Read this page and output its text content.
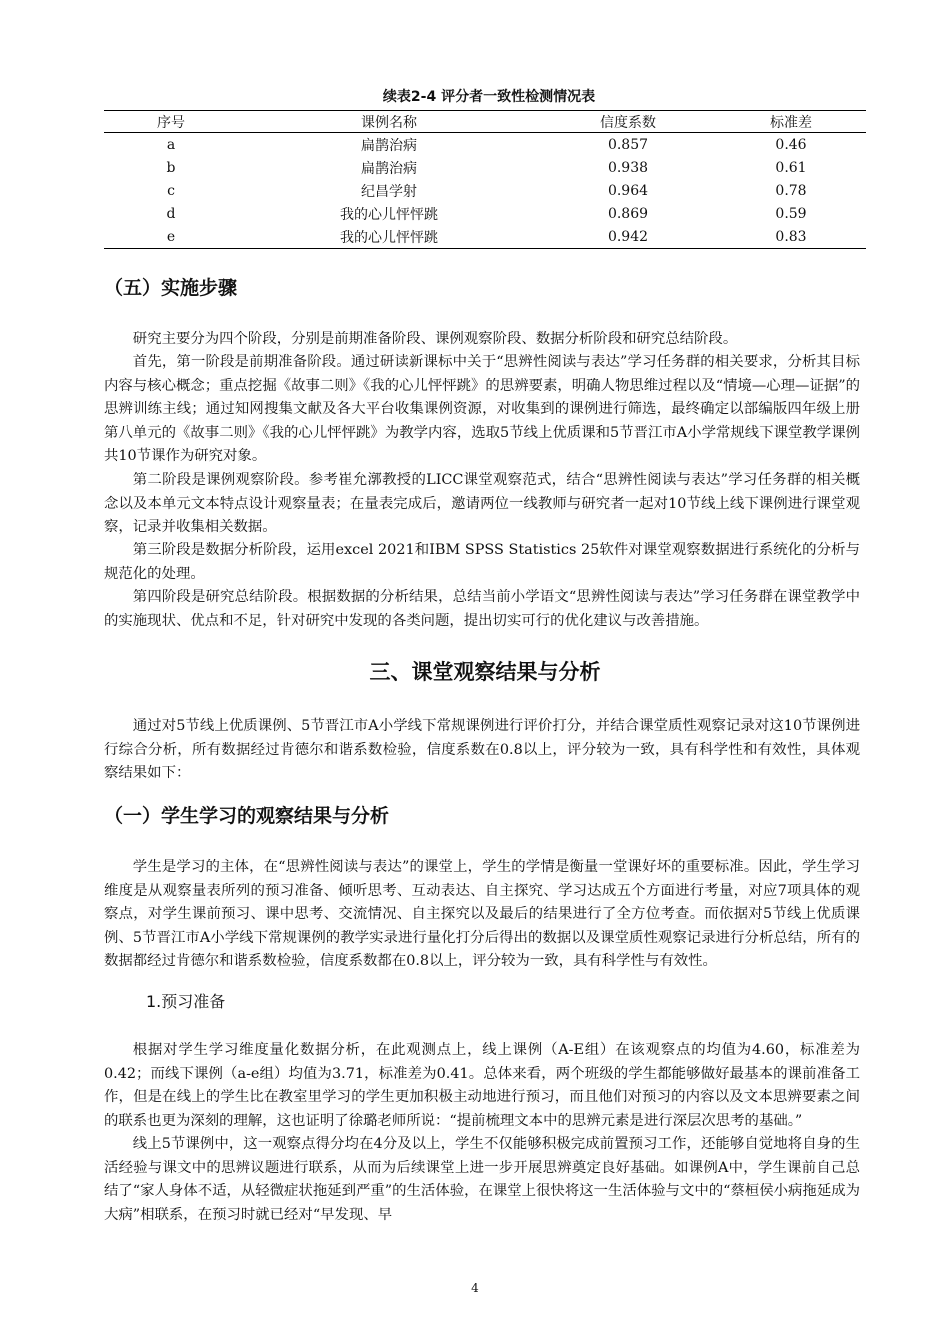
续表2-4 评分者一致性检测情况表
序号	课例名称	信度系数	标准差
a	扁鹊治病	0.857	0.46
b	扁鹊治病	0.938	0.61
c	纪昌学射	0.964	0.78
d	我的心儿怦怦跳	0.869	0.59
e	我的心儿怦怦跳	0.942	0.83
（五）实施步骤

研究主要分为四个阶段，分别是前期准备阶段、课例观察阶段、数据分析阶段和研究总结阶段。

首先，第一阶段是前期准备阶段。通过研读新课标中关于“思辨性阅读与表达”学习任务群的相关要求，分析其目标内容与核心概念；重点挖掘《故事二则》《我的心儿怦怦跳》的思辨要素，明确人物思维过程以及“情境—心理—证据”的思辨训练主线；通过知网搜集文献及各大平台收集课例资源，对收集到的课例进行筛选，最终确定以部编版四年级上册第八单元的《故事二则》《我的心儿怦怦跳》为教学内容，选取5节线上优质课和5节晋江市A小学常规线下课堂教学课例共10节课作为研究对象。

第二阶段是课例观察阶段。参考崔允漷教授的LICC课堂观察范式，结合“思辨性阅读与表达”学习任务群的相关概念以及本单元文本特点设计观察量表；在量表完成后，邀请两位一线教师与研究者一起对10节线上线下课例进行课堂观察，记录并收集相关数据。

第三阶段是数据分析阶段，运用excel 2021和IBM SPSS Statistics 25软件对课堂观察数据进行系统化的分析与规范化的处理。

第四阶段是研究总结阶段。根据数据的分析结果，总结当前小学语文“思辨性阅读与表达”学习任务群在课堂教学中的实施现状、优点和不足，针对研究中发现的各类问题，提出切实可行的优化建议与改善措施。

三、课堂观察结果与分析

通过对5节线上优质课例、5节晋江市A小学线下常规课例进行评价打分，并结合课堂质性观察记录对这10节课例进行综合分析，所有数据经过肯德尔和谐系数检验，信度系数在0.8以上，评分较为一致，具有科学性和有效性，具体观察结果如下：

（一）学生学习的观察结果与分析

学生是学习的主体，在“思辨性阅读与表达”的课堂上，学生的学情是衡量一堂课好坏的重要标准。因此，学生学习维度是从观察量表所列的预习准备、倾听思考、互动表达、自主探究、学习达成五个方面进行考量，对应7项具体的观察点，对学生课前预习、课中思考、交流情况、自主探究以及最后的结果进行了全方位考查。而依据对5节线上优质课例、5节晋江市A小学线下常规课例的教学实录进行量化打分后得出的数据以及课堂质性观察记录进行分析总结，所有的数据都经过肯德尔和谐系数检验，信度系数都在0.8以上，评分较为一致，具有科学性与有效性。

1.预习准备

根据对学生学习维度量化数据分析，在此观测点上，线上课例（A-E组）在该观察点的均值为4.60，标准差为0.42；而线下课例（a-e组）均值为3.71，标准差为0.41。总体来看，两个班级的学生都能够做好最基本的课前准备工作，但是在线上的学生比在教室里学习的学生更加积极主动地进行预习，而且他们对预习的内容以及文本思辨要素之间的联系也更为深刻的理解，这也证明了徐璐老师所说：“提前梳理文本中的思辨元素是进行深层次思考的基础。”

线上5节课例中，这一观察点得分均在4分及以上，学生不仅能够积极完成前置预习工作，还能够自觉地将自身的生活经验与课文中的思辨议题进行联系，从而为后续课堂上进一步开展思辨奠定良好基础。如课例A中，学生课前自己总结了“家人身体不适，从轻微症状拖延到严重”的生活体验，在课堂上很快将这一生活体验与文中的“蔡桓侯小病拖延成为大病”相联系，在预习时就已经对“早发现、早

4
